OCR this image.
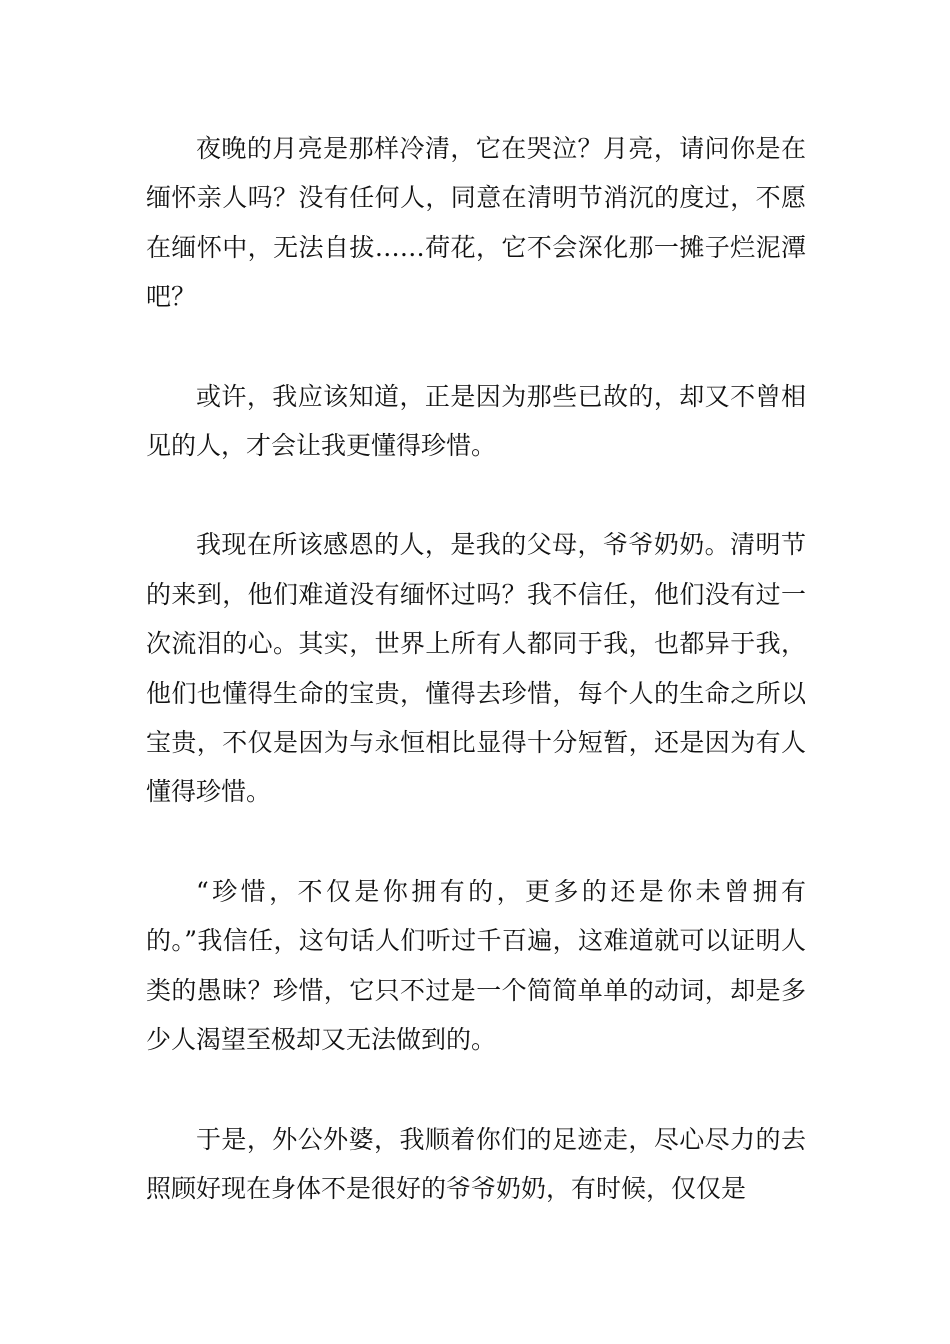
夜晚的月亮是那样冷清，它在哭泣？月亮，请问你是在缅怀亲人吗？没有任何人，同意在清明节消沉的度过，不愿在缅怀中，无法自拔……荷花，它不会深化那一摊子烂泥潭吧？

或许，我应该知道，正是因为那些已故的，却又不曾相见的人，才会让我更懂得珍惜。

我现在所该感恩的人，是我的父母，爷爷奶奶。清明节的来到，他们难道没有缅怀过吗？我不信任，他们没有过一次流泪的心。其实，世界上所有人都同于我，也都异于我，他们也懂得生命的宝贵，懂得去珍惜，每个人的生命之所以宝贵，不仅是因为与永恒相比显得十分短暂，还是因为有人懂得珍惜。

“珍惜，不仅是你拥有的，更多的还是你未曾拥有的。”我信任，这句话人们听过千百遍，这难道就可以证明人类的愚昧？珍惜，它只不过是一个简简单单的动词，却是多少人渴望至极却又无法做到的。

于是，外公外婆，我顺着你们的足迹走，尽心尽力的去照顾好现在身体不是很好的爷爷奶奶，有时候，仅仅是
